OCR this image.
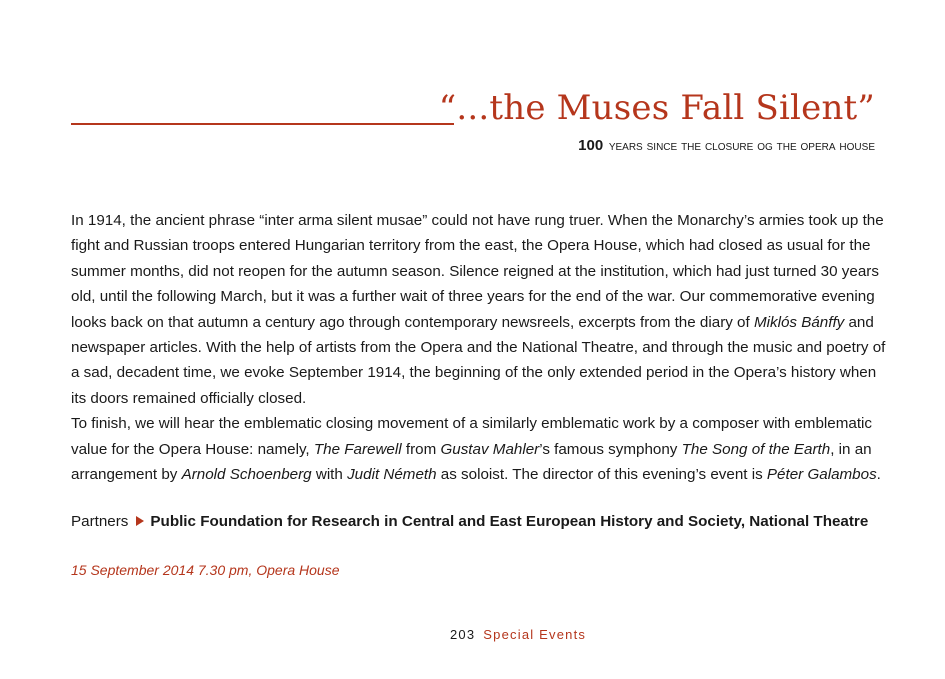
“...the Muses Fall Silent”
100 years since the closure og the opera house

In 1914, the ancient phrase “inter arma silent musae” could not have rung truer. When the Monarchy’s armies took up the fight and Russian troops entered Hungarian territory from the east, the Opera House, which had closed as usual for the summer months, did not reopen for the autumn season. Silence reigned at the institution, which had just turned 30 years old, until the following March, but it was a further wait of three years for the end of the war. Our commemorative evening looks back on that autumn a century ago through contemporary newsreels, excerpts from the diary of Miklós Bánffy and newspaper articles. With the help of artists from the Opera and the National Theatre, and through the music and poetry of a sad, decadent time, we evoke September 1914, the beginning of the only extended period in the Opera’s history when its doors remained officially closed.

To finish, we will hear the emblematic closing movement of a similarly emblematic work by a composer with emblematic value for the Opera House: namely, The Farewell from Gustav Mahler’s famous symphony The Song of the Earth, in an arrangement by Arnold Schoenberg with Judit Németh as soloist. The director of this evening’s event is Péter Galambos.

Partners Public Foundation for Research in Central and East European History and Society, National Theatre
15 September 2014 7.30 pm, Opera House
203 Special Events
